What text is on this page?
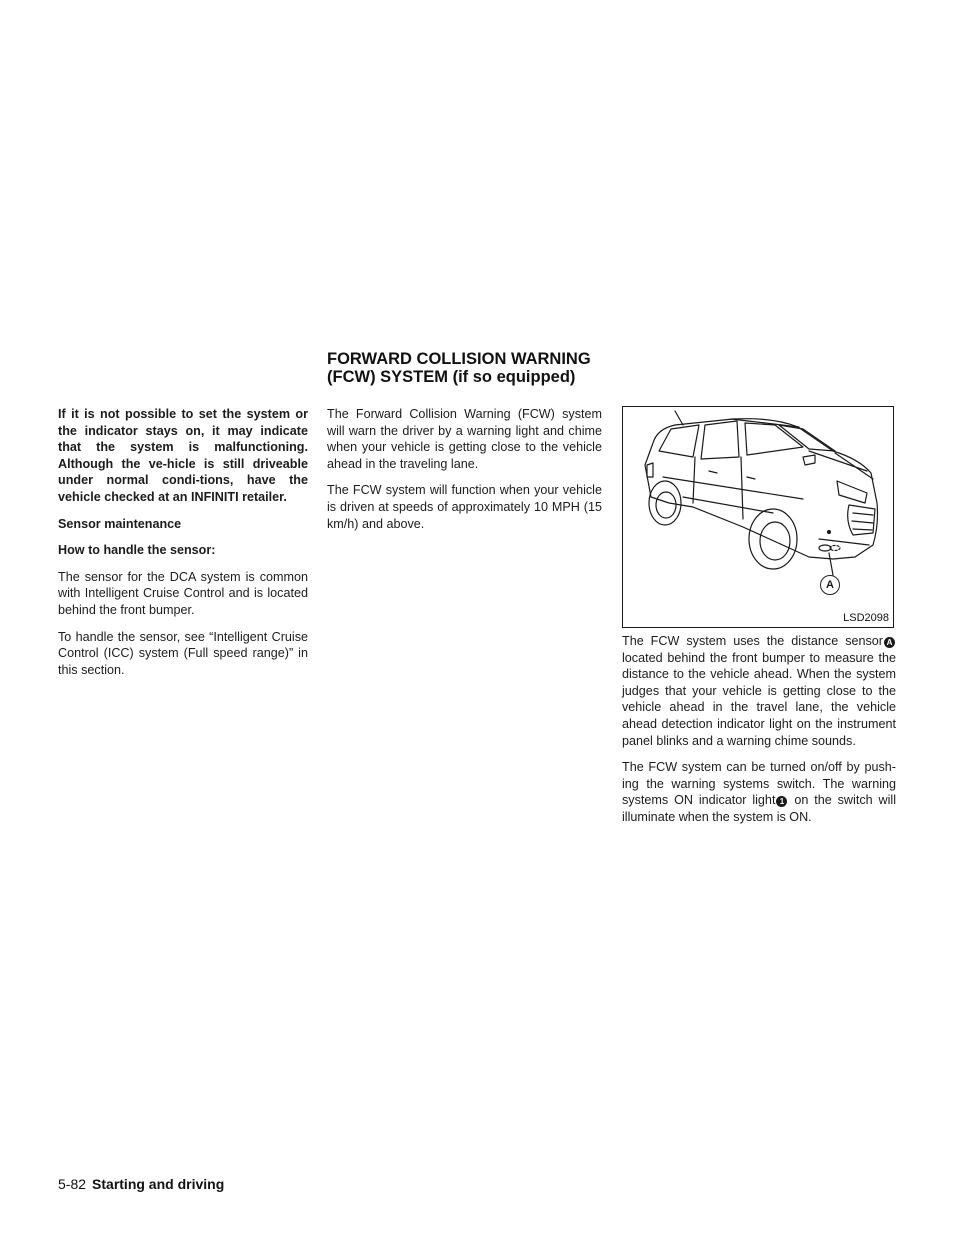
FORWARD COLLISION WARNING
(FCW) SYSTEM (if so equipped)

If it is not possible to set the system or the indicator stays on, it may indicate that the system is malfunctioning. Although the ve-hicle is still driveable under normal condi-tions, have the vehicle checked at an INFINITI retailer.

Sensor maintenance

How to handle the sensor:

The sensor for the DCA system is common with Intelligent Cruise Control and is located behind the front bumper.

To handle the sensor, see “Intelligent Cruise Control (ICC) system (Full speed range)” in this section.

The Forward Collision Warning (FCW) system will warn the driver by a warning light and chime when your vehicle is getting close to the vehicle ahead in the traveling lane.

The FCW system will function when your vehicle is driven at speeds of approximately 10 MPH (15 km/h) and above.

A
LSD2098

The FCW system uses the distance sensor A located behind the front bumper to measure the distance to the vehicle ahead. When the system judges that your vehicle is getting close to the vehicle ahead in the travel lane, the vehicle ahead detection indicator light on the instrument panel blinks and a warning chime sounds.

The FCW system can be turned on/off by push-ing the warning systems switch. The warning systems ON indicator light 1 on the switch will illuminate when the system is ON.

5-82 Starting and driving
